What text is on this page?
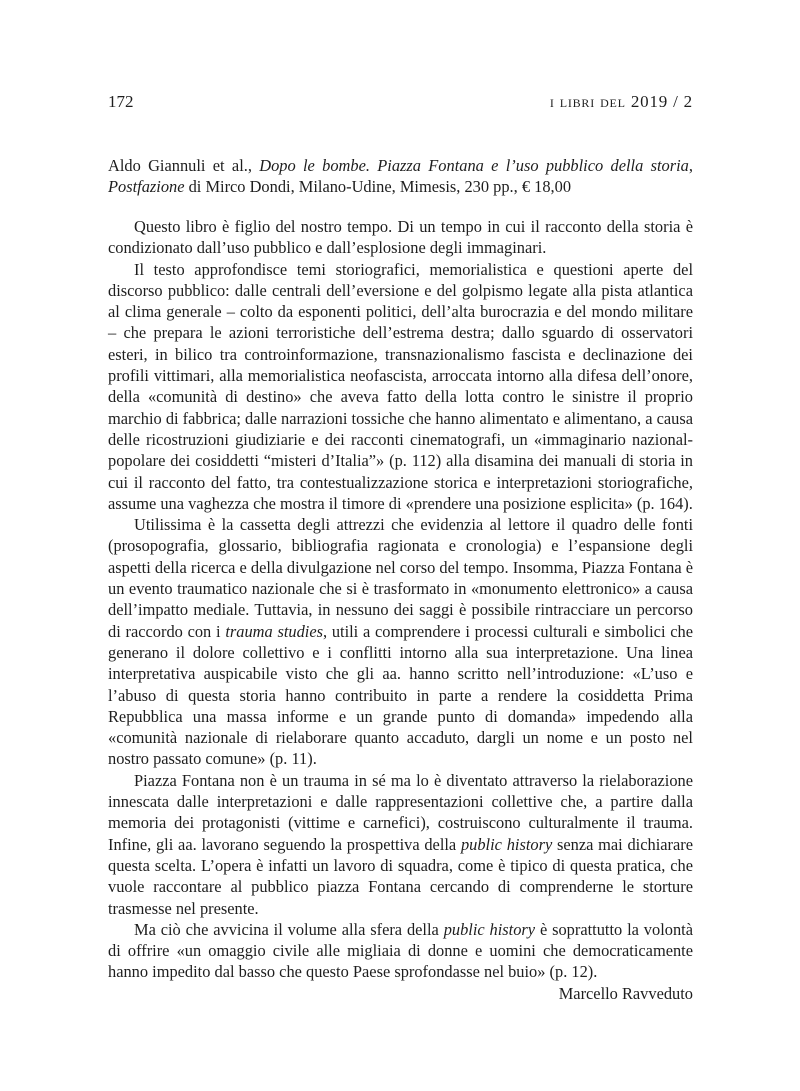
172	i libri del 2019 / 2
Aldo Giannuli et al., Dopo le bombe. Piazza Fontana e l’uso pubblico della storia, Postfazione di Mirco Dondi, Milano-Udine, Mimesis, 230 pp., € 18,00

Questo libro è figlio del nostro tempo. Di un tempo in cui il racconto della storia è condizionato dall’uso pubblico e dall’esplosione degli immaginari.

Il testo approfondisce temi storiografici, memorialistica e questioni aperte del discorso pubblico: dalle centrali dell’eversione e del golpismo legate alla pista atlantica al clima generale – colto da esponenti politici, dell’alta burocrazia e del mondo militare – che prepara le azioni terroristiche dell’estrema destra; dallo sguardo di osservatori esteri, in bilico tra controinformazione, transnazionalismo fascista e declinazione dei profili vittimari, alla memorialistica neofascista, arroccata intorno alla difesa dell’onore, della «comunità di destino» che aveva fatto della lotta contro le sinistre il proprio marchio di fabbrica; dalle narrazioni tossiche che hanno alimentato e alimentano, a causa delle ricostruzioni giudiziarie e dei racconti cinematografi, un «immaginario nazional-popolare dei cosiddetti “misteri d’Italia”» (p. 112) alla disamina dei manuali di storia in cui il racconto del fatto, tra contestualizzazione storica e interpretazioni storiografiche, assume una vaghezza che mostra il timore di «prendere una posizione esplicita» (p. 164).

Utilissima è la cassetta degli attrezzi che evidenzia al lettore il quadro delle fonti (prosopografia, glossario, bibliografia ragionata e cronologia) e l’espansione degli aspetti della ricerca e della divulgazione nel corso del tempo. Insomma, Piazza Fontana è un evento traumatico nazionale che si è trasformato in «monumento elettronico» a causa dell’impatto mediale. Tuttavia, in nessuno dei saggi è possibile rintracciare un percorso di raccordo con i trauma studies, utili a comprendere i processi culturali e simbolici che generano il dolore collettivo e i conflitti intorno alla sua interpretazione. Una linea interpretativa auspicabile visto che gli aa. hanno scritto nell’introduzione: «L’uso e l’abuso di questa storia hanno contribuito in parte a rendere la cosiddetta Prima Repubblica una massa informe e un grande punto di domanda» impedendo alla «comunità nazionale di rielaborare quanto accaduto, dargli un nome e un posto nel nostro passato comune» (p. 11).

Piazza Fontana non è un trauma in sé ma lo è diventato attraverso la rielaborazione innescata dalle interpretazioni e dalle rappresentazioni collettive che, a partire dalla memoria dei protagonisti (vittime e carnefici), costruiscono culturalmente il trauma. Infine, gli aa. lavorano seguendo la prospettiva della public history senza mai dichiarare questa scelta. L’opera è infatti un lavoro di squadra, come è tipico di questa pratica, che vuole raccontare al pubblico piazza Fontana cercando di comprenderne le storture trasmesse nel presente.

Ma ciò che avvicina il volume alla sfera della public history è soprattutto la volontà di offrire «un omaggio civile alle migliaia di donne e uomini che democraticamente hanno impedito dal basso che questo Paese sprofondasse nel buio» (p. 12).

Marcello Ravveduto
